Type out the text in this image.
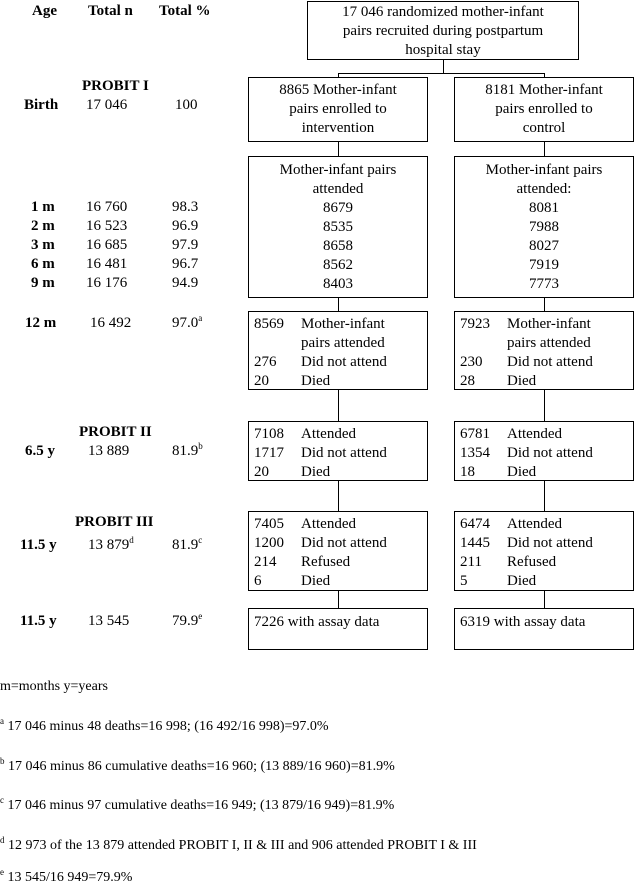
Age Total n Total %
PROBIT I
PROBIT II
PROBIT III
Birth 17 046	100
1 m 16 760	98.3
2 m 16 523	96.9
3 m 16 685	97.9
6 m 16 481	96.7
9 m 16 176	94.9
12 m 16 492	97.0$^a$
6.5 y 13 889	81.9$^b$
11.5 y 13 879$^d$	81.9$^c$
11.5 y 13 545	79.9e
17 046 randomized mother-infant
pairs recruited during postpartum
hospital stay
8865 Mother-infant
pairs enrolled to
intervention
Mother-infant pairs
attended
8679
8535
8658
8562
8403
8569 Mother-infant
pairs attended
276 Did not attend
20 Died
7108 Attended
1717 Did not attend
20 Died
7405 Attended
1200 Did not attend
214 Refused
6	Died
7226 with assay data
8181 Mother-infant
pairs enrolled to
control
Mother-infant pairs
attended:
8081
7988
8027
7919
7773
7923 Mother-infant
pairs attended
230 Did not attend
28 Died
6781 Attended
1354 Did not attend
18 Died
6474 Attended
1445 Did not attend
211 Refused
5	Died
6319 with assay data
m=months y=years
$^a$ 17 046 minus 48 deaths=16 998; (16 492/16 998)=97.0%
$^b$ 17 046 minus 86 cumulative deaths=16 960; (13 889/16 960)=81.9%
$^c$ 17 046 minus 97 cumulative deaths=16 949; (13 879/16 949)=81.9%
$^d$ 12 973 of the 13 879 attended PROBIT I, II & III and 906 attended PROBIT I & III
$^e$ 13 545/16 949=79.9%
